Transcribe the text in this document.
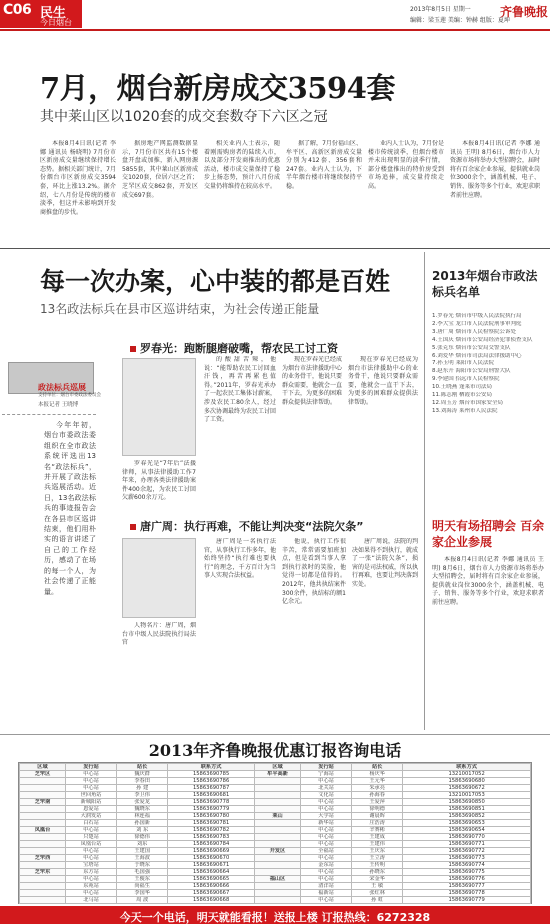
C06 民生
今日烟台
2013年8月5日 星期一
编辑：梁玉莲 美编：钟赫 组版：夏坤
齐鲁晚报
7月，烟台新房成交3594套
其中莱山区以1020套的成交套数夺下六区之冠
本报8月4日讯(记者 李娜 通讯员 杨晓明) 7月份市区新房成交量继续保持增长态势。据相关部门统计，7月份烟台市区新房成交3594套，环比上涨13.2%。据介绍，七八月份是传统的楼市淡季，但这并未影响到开发商推盘的步伐。
据房地产网监测数据显示，7月份市区共有15个楼盘开盘或加推，新入网房源5855套，其中莱山区新房成交1020套，位居六区之首；芝罘区成交862套，开发区成交697套。
相关业内人士表示，随着刚需购房者的陆续入市，以及部分开发商推出的优惠活动，楼市成交量保持了稳步上扬态势，预计八月份成交量仍将维持在较高水平。
据了解，7月份福山区、牟平区、高新区新房成交量分别为412套、356套和247套。业内人士认为，下半年烟台楼市将继续保持平稳。
业内人士认为，7月份是楼市传统淡季，但烟台楼市并未出现明显的淡季行情，部分楼盘推出的特价房受到市场追捧，成交量持续走高。
本报8月4日讯(记者 李娜 通讯员 王明) 8月6日，烟台市人力资源市场将举办大型招聘会，届时将有百余家企业参展，提供就业岗位3000余个，涵盖机械、电子、销售、服务等多个行业，欢迎求职者前往应聘。
每一次办案，心中装的都是百姓
13名政法标兵在县市区巡讲结束，为社会传递正能量
政法标兵巡展
支持单位：烟台市委政法委员会
本报记者 王晓博
今年年初，烟台市委政法委组织在全市政法系统评选出13名“政法标兵”，并开展了政法标兵巡展活动。近日，13名政法标兵的事迹报告会在各县市区巡讲结束，他们用朴实的语言讲述了自己的工作经历，感动了在场的每一个人，为社会传递了正能量。
罗春光：跑断腿磨破嘴，帮农民工讨工资
罗春光是“7年后”法援律师，从事法律援助工作7年来，办理各类法律援助案件400余起，为农民工讨回欠薪600余万元。
的酸甜苦辣，他说：“能帮助农民工讨回血汗钱，再苦再累也值得。”2011年，罗春光承办了一起农民工集体讨薪案，涉及农民工80余人，经过多次协调最终为农民工讨回了工资。
现在罗春光已经成为烟台市法律援助中心的业务骨干，他说只要群众需要，他就会一直干下去，为更多的困难群众提供法律帮助。
现在罗春光已经成为烟台市法律援助中心的业务骨干，他说只要群众需要，他就会一直干下去，为更多的困难群众提供法律帮助。
唐广周：执行再难，不能让判决变“法院欠条”
人物名片：唐广周，烟台市中级人民法院执行局法官
唐广周是一名执行法官，从事执行工作多年，他始终坚持“执行难也要执行”的理念，千方百计为当事人实现合法权益。
他说，执行工作很辛苦，常常需要加班加点，但是看到当事人拿到执行款时的笑脸，他觉得一切都是值得的。2012年，他共执结案件300余件，执结标的额1亿余元。
唐广周说，法院的判决如果得不到执行，就成了一张“法院欠条”，损害的是司法权威，所以执行再难，也要让判决落到实处。
2013年烟台市政法标兵名单
1.罗春光 烟台市中级人民法院执行局
2.李大宝 龙口市人民法院刑事审判庭
3.唐广周 烟台市人民检察院公诉处
4.王国庆 烟台市公安局经济犯罪侦查支队
5.张克东 烟台市公安局交警支队
6.刘爱华 烟台市司法局法律援助中心
7.孙玉明 莱阳市人民法院
8.赵东升 海阳市公安局刑警大队
9.李建国 招远市人民检察院
10.王晓燕 蓬莱市司法局
11.陈志刚 栖霞市公安局
12.周玉芳 烟台市国家安全局
13.刘海涛 莱州市人民法院
明天有场招聘会 百余家企业参展
本报8月4日讯(记者 李娜 通讯员 王明) 8月6日，烟台市人力资源市场将举办大型招聘会，届时将有百余家企业参展，提供就业岗位3000余个，涵盖机械、电子、销售、服务等多个行业，欢迎求职者前往应聘。
2013年齐鲁晚报优惠订报咨询电话
区域	发行站	站长	联系方式	区域	发行站	站长	联系方式
芝罘区	中心站	魏庆群	15863690785	牟平高新	宁海站	杨庆华	13210017052
	中心站	李春田	15863690786		中心站	王元华	15863690680
	中心站	孙 建	15863690787		北关站	朱承亮	15863690672
	世回角站	李卫伟	15863690681		文化站	孙海春	13210017053
芝罘南	新城阳站	张爱龙	15863690778		中心站	王爱萍	15863690850
	恩爱站	魏晓东	15863690779		中心站	徐明德	15863690851
	大润发站	林连福	15863690780	莱山	大学站	谢晨晖	15863690852
	白石站	孙国新	15863690781		新华站	庄浩涛	15863690653
凤凰台	中心站	刘 东	15863690782		中心站	辛赛彬	15863690654
	只楚站	徐德伟	15863690783		中心站	王建成	15863690770
	凤凰台站	刘东	15863690784		中心站	王建伟	15863690771
	中心站	王建国	15863690669	开发区	全福站	王庆东	15863690772
芝罘西	中心站	王海波	15863690670		中心站	王立涛	15863690773
	宝塔站	于晓东	15863690671		金东站	王传明	15863690774
芝罘东	东方站	毛国强	15863690664		中心站	孙晓东	15863690775
	中心站	王俊东	15863690665	福山区	中心站	宋金华	15863690776
	东苑站	尚福生	15863690666		清洋站	王 敏	15863690777
	中心站	李国华	15863690667		福新站	张红林	15863690778
	北马站	周 波	15863690668		中心站	孙 虹	15863690779
今天一个电话，明天就能看报！送报上楼 订报热线：6272328
